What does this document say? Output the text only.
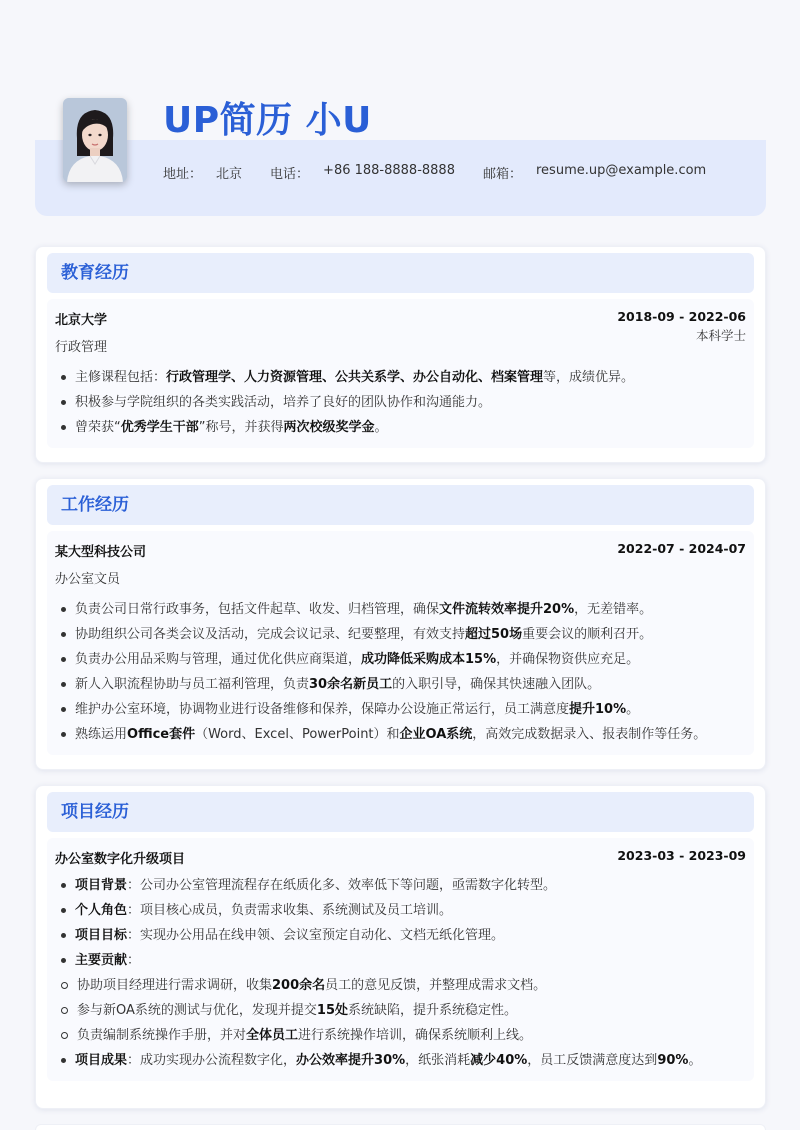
UP简历 小U
地址： 北京 电话： +86 188-8888-8888 邮箱： resume.up@example.com
教育经历
北京大学
行政管理
2018-09 - 2022-06
本科学士
主修课程包括：行政管理学、人力资源管理、公共关系学、办公自动化、档案管理等，成绩优异。
积极参与学院组织的各类实践活动，培养了良好的团队协作和沟通能力。
曾荣获“优秀学生干部”称号，并获得两次校级奖学金。
工作经历
某大型科技公司	2022-07 - 2024-07
办公室文员
负责公司日常行政事务，包括文件起草、收发、归档管理，确保文件流转效率提升20%，无差错率。
协助组织公司各类会议及活动，完成会议记录、纪要整理，有效支持超过50场重要会议的顺利召开。
负责办公用品采购与管理，通过优化供应商渠道，成功降低采购成本15%，并确保物资供应充足。
新人入职流程协助与员工福利管理，负责30余名新员工的入职引导，确保其快速融入团队。
维护办公室环境，协调物业进行设备维修和保养，保障办公设施正常运行，员工满意度提升10%。
熟练运用Office套件（Word、Excel、PowerPoint）和企业OA系统，高效完成数据录入、报表制作等任务。
项目经历
办公室数字化升级项目	2023-03 - 2023-09
项目背景：公司办公室管理流程存在纸质化多、效率低下等问题，亟需数字化转型。
个人角色：项目核心成员，负责需求收集、系统测试及员工培训。
项目目标：实现办公用品在线申领、会议室预定自动化、文档无纸化管理。
主要贡献：
协助项目经理进行需求调研，收集200余名员工的意见反馈，并整理成需求文档。
参与新OA系统的测试与优化，发现并提交15处系统缺陷，提升系统稳定性。
负责编制系统操作手册，并对全体员工进行系统操作培训，确保系统顺利上线。
项目成果：成功实现办公流程数字化，办公效率提升30%，纸张消耗减少40%，员工反馈满意度达到90%。
